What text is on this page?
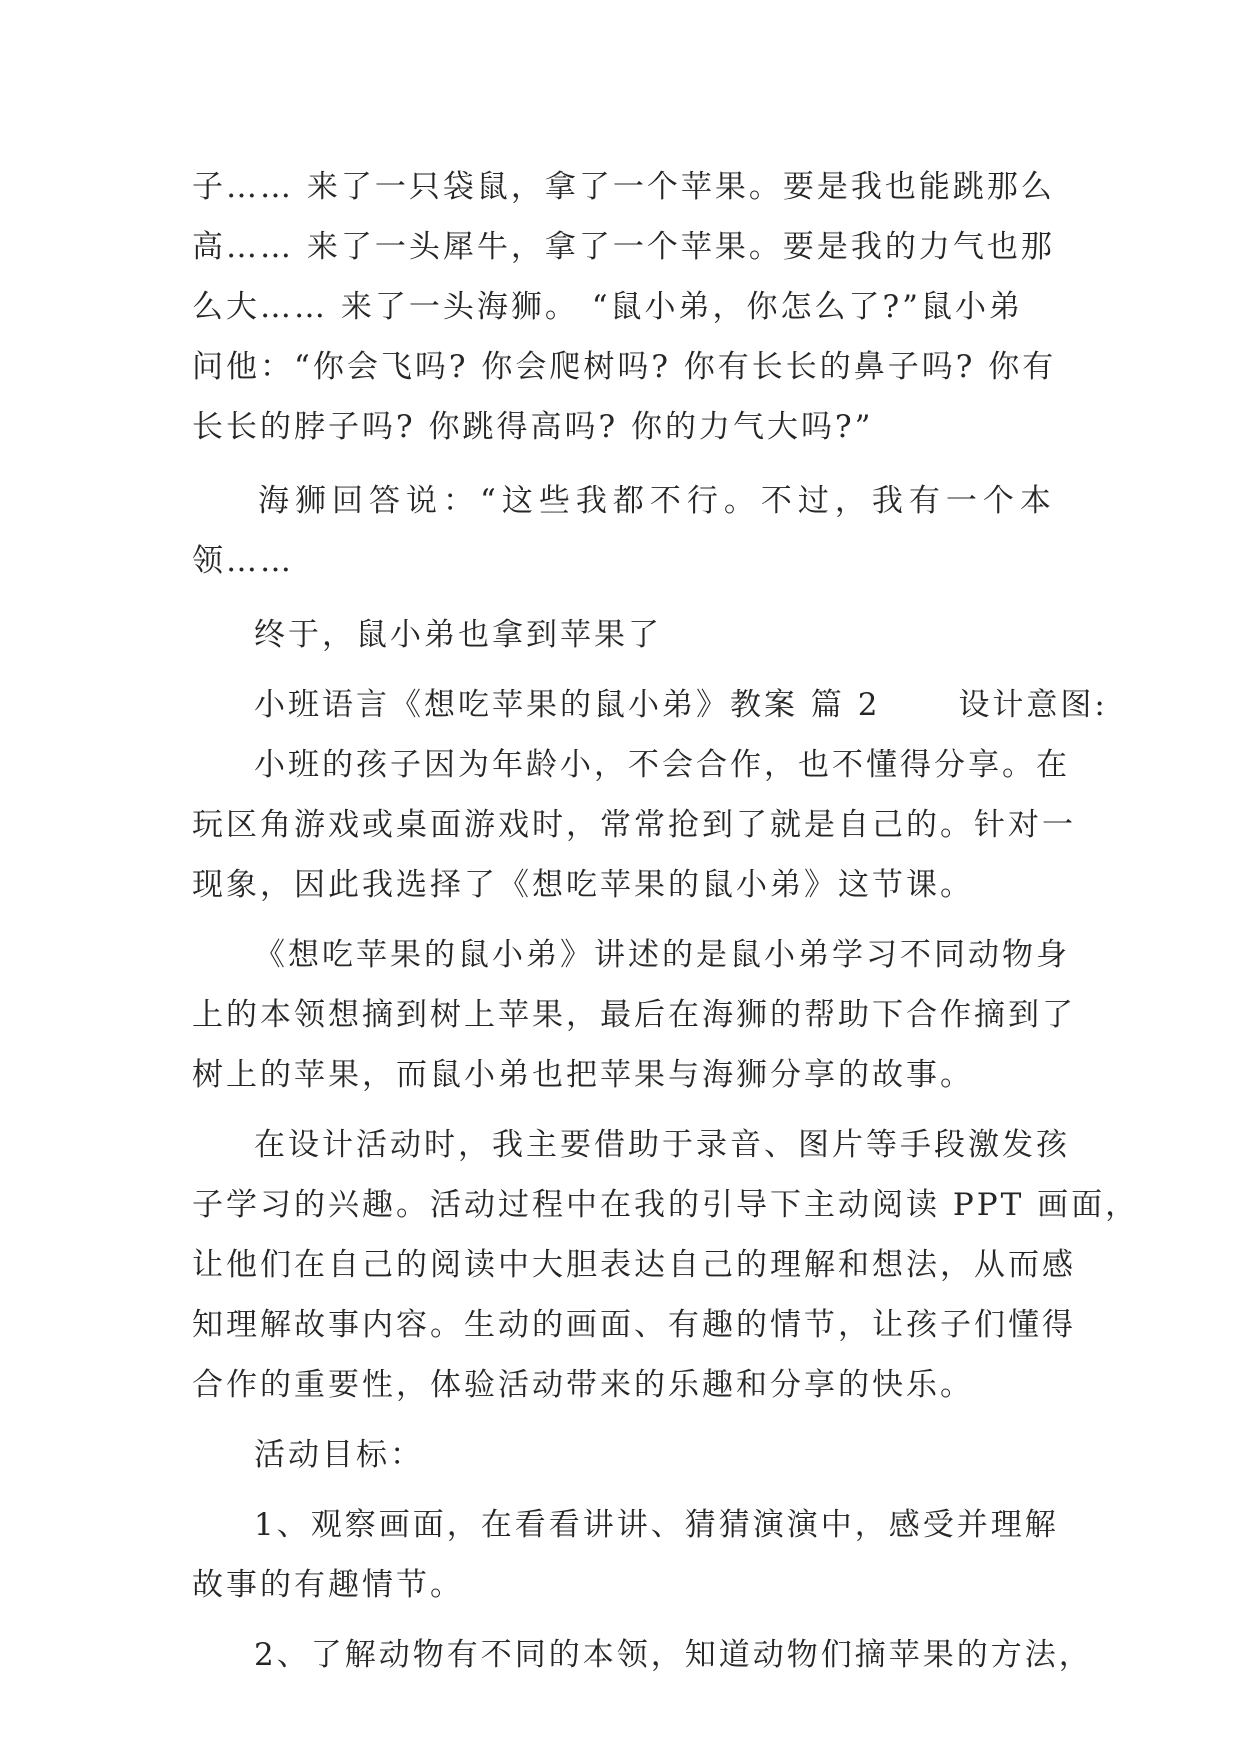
子…… 来了一只袋鼠，拿了一个苹果。要是我也能跳那么
高…… 来了一头犀牛，拿了一个苹果。要是我的力气也那
么大…… 来了一头海狮。 “鼠小弟，你怎么了?”鼠小弟
问他：“你会飞吗? 你会爬树吗? 你有长长的鼻子吗? 你有
长长的脖子吗? 你跳得高吗? 你的力气大吗?”
海狮回答说：“这些我都不行。不过，我有一个本
领……
终于，鼠小弟也拿到苹果了
小班语言《想吃苹果的鼠小弟》教案 篇 2	设计意图:
小班的孩子因为年龄小，不会合作，也不懂得分享。在
玩区角游戏或桌面游戏时，常常抢到了就是自己的。针对一
现象，因此我选择了《想吃苹果的鼠小弟》这节课。
《想吃苹果的鼠小弟》讲述的是鼠小弟学习不同动物身
上的本领想摘到树上苹果，最后在海狮的帮助下合作摘到了
树上的苹果，而鼠小弟也把苹果与海狮分享的故事。
在设计活动时，我主要借助于录音、图片等手段激发孩
子学习的兴趣。活动过程中在我的引导下主动阅读 PPT 画面，
让他们在自己的阅读中大胆表达自己的理解和想法，从而感
知理解故事内容。生动的画面、有趣的情节，让孩子们懂得
合作的重要性，体验活动带来的乐趣和分享的快乐。
活动目标：
1、观察画面，在看看讲讲、猜猜演演中，感受并理解
故事的有趣情节。
2、了解动物有不同的本领，知道动物们摘苹果的方法，
